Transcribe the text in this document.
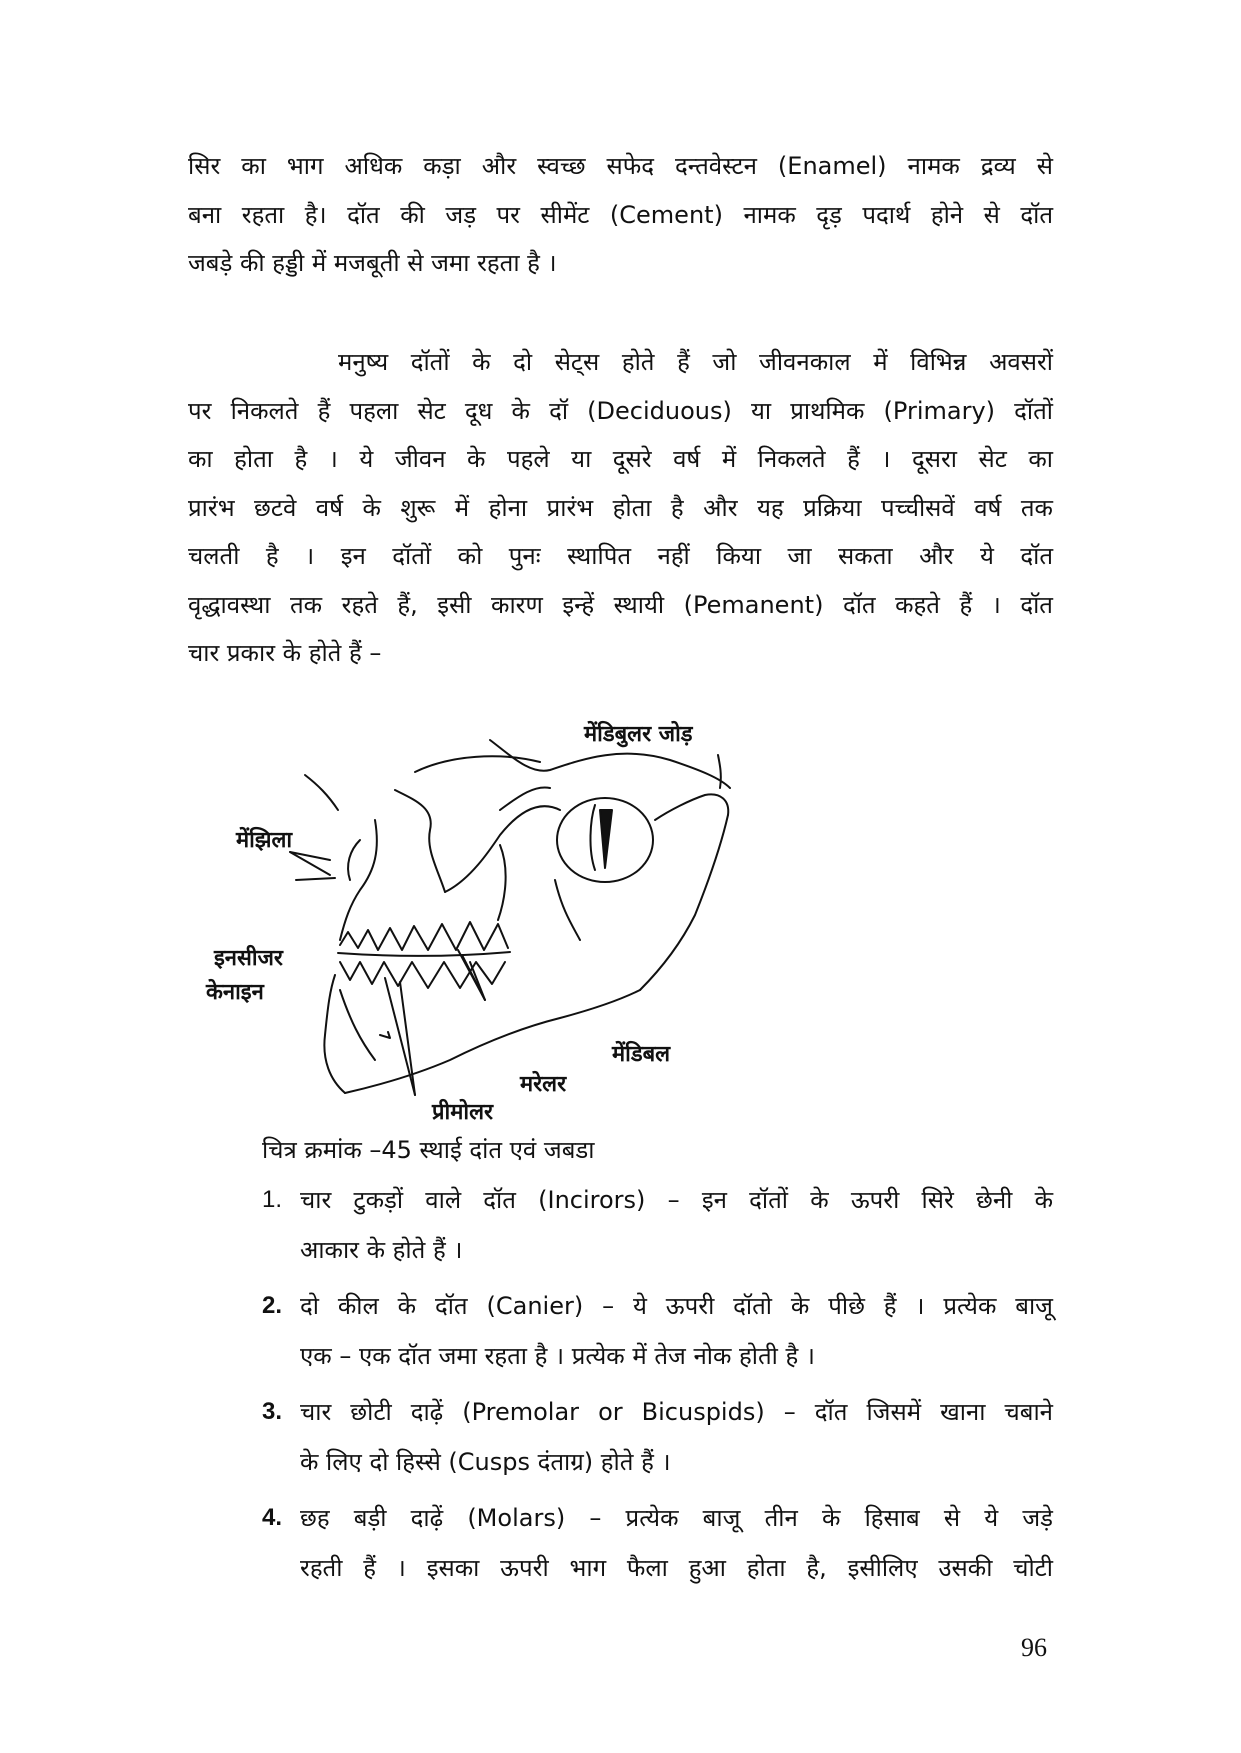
सिर का भाग अधिक कड़ा और स्वच्छ सफेद दन्तवेस्टन (Enamel) नामक द्रव्य से
बना रहता है। दॉत की जड़ पर सीमेंट (Cement) नामक दृड़ पदार्थ होने से दॉत
जबड़े की हड्डी में मजबूती से जमा रहता है ।
मनुष्य दॉतों के दो सेट्स होते हैं जो जीवनकाल में विभिन्न अवसरों
पर निकलते हैं पहला सेट दूध के दॉ (Deciduous) या प्राथमिक (Primary) दॉतों
का होता है । ये जीवन के पहले या दूसरे वर्ष में निकलते हैं । दूसरा सेट का
प्रारंभ छटवे वर्ष के शुरू में होना प्रारंभ होता है और यह प्रक्रिया पच्चीसवें वर्ष तक
चलती है । इन दॉतों को पुनः स्थापित नहीं किया जा सकता और ये दॉत
वृद्धावस्था तक रहते हैं, इसी कारण इन्हें स्थायी (Pemanent) दॉत कहते हैं । दॉत
चार प्रकार के होते हैं –
मेंडिबुलर जोड़
मेंझिला
इनसीजर
केनाइन
मेंडिबल
मरेलर
प्रीमोलर
चित्र क्रमांक –45 स्थाई दांत एवं जबडा
1. चार टुकड़ों वाले दॉत (Incirors) – इन दॉतों के ऊपरी सिरे छेनी के
आकार के होते हैं ।
2. दो कील के दॉत (Canier) – ये ऊपरी दॉतो के पीछे हैं । प्रत्येक बाजू
एक – एक दॉत जमा रहता है । प्रत्येक में तेज नोक होती है ।
3. चार छोटी दाढ़ें (Premolar or Bicuspids) – दॉत जिसमें खाना चबाने
के लिए दो हिस्से (Cusps दंताग्र) होते हैं ।
4. छह बड़ी दाढ़ें (Molars) – प्रत्येक बाजू तीन के हिसाब से ये जड़े
रहती हैं । इसका ऊपरी भाग फैला हुआ होता है, इसीलिए उसकी चोटी
96
